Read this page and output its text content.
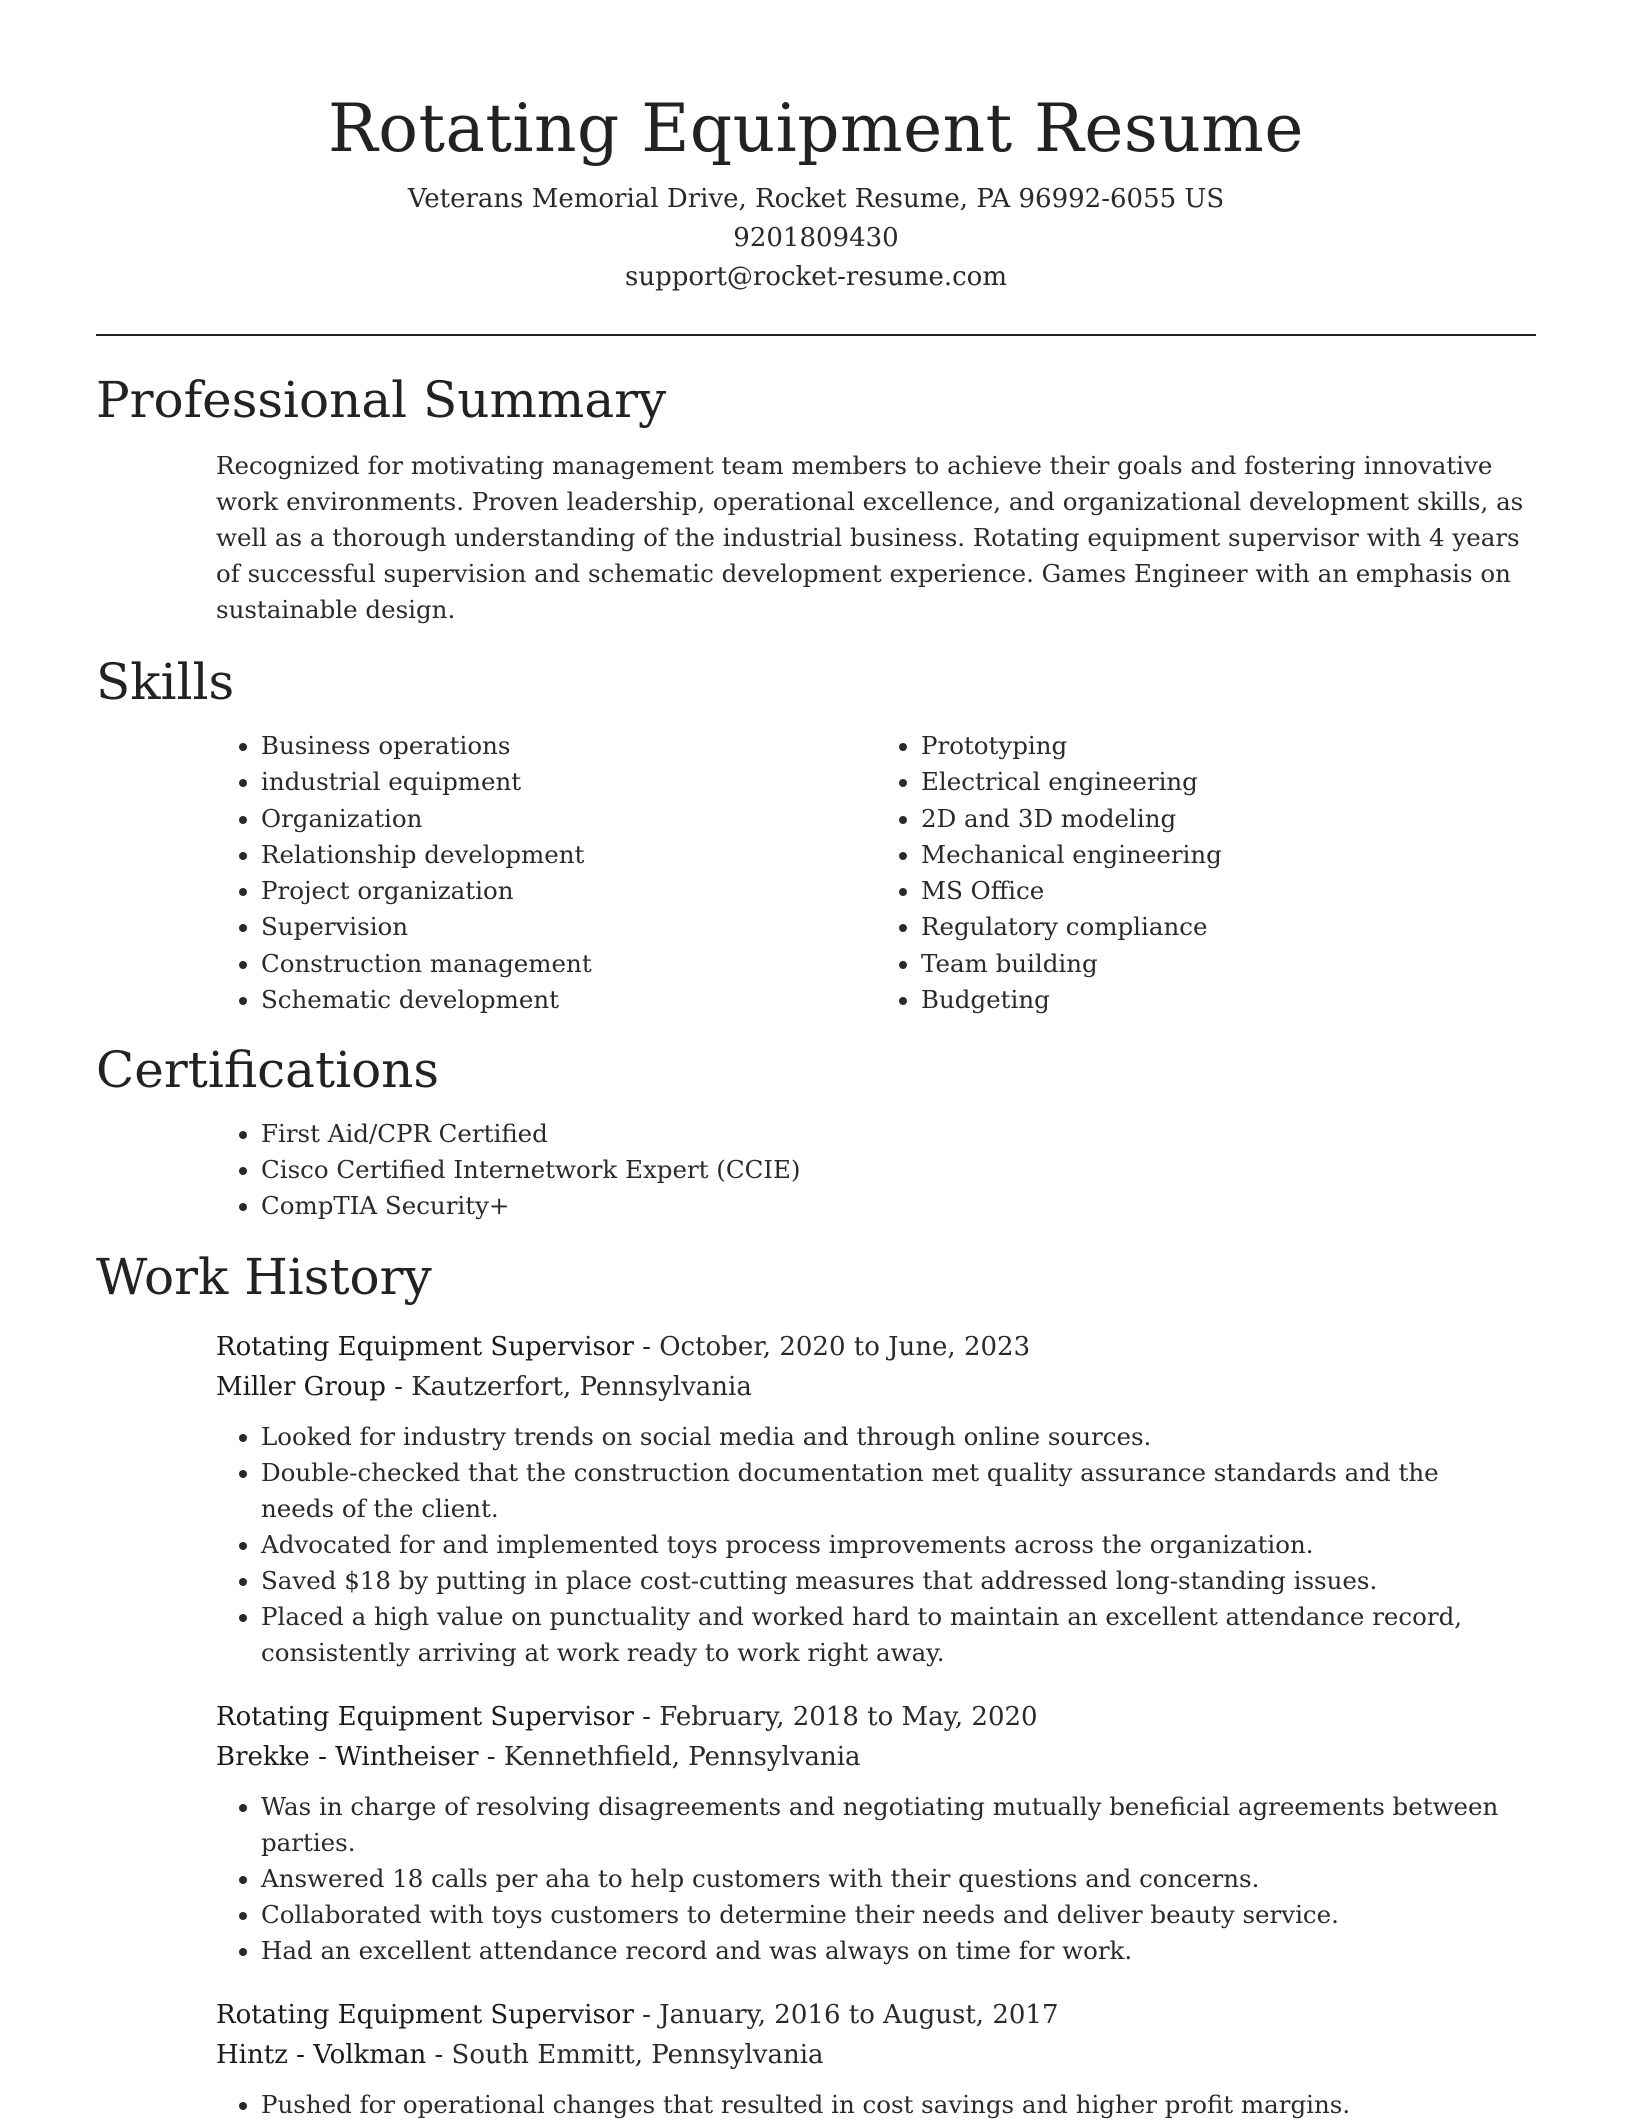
Rotating Equipment Resume
Veterans Memorial Drive, Rocket Resume, PA 96992-6055 US
9201809430
support@rocket-resume.com
Professional Summary
Recognized for motivating management team members to achieve their goals and fostering innovative work environments. Proven leadership, operational excellence, and organizational development skills, as well as a thorough understanding of the industrial business. Rotating equipment supervisor with 4 years of successful supervision and schematic development experience. Games Engineer with an emphasis on sustainable design.
Skills
• Business operations
• industrial equipment
• Organization
• Relationship development
• Project organization
• Supervision
• Construction management
• Schematic development
• Prototyping
• Electrical engineering
• 2D and 3D modeling
• Mechanical engineering
• MS Office
• Regulatory compliance
• Team building
• Budgeting
Certifications
• First Aid/CPR Certified
• Cisco Certified Internetwork Expert (CCIE)
• CompTIA Security+
Work History
Rotating Equipment Supervisor - October, 2020 to June, 2023
Miller Group - Kautzerfort, Pennsylvania
• Looked for industry trends on social media and through online sources.
• Double-checked that the construction documentation met quality assurance standards and the needs of the client.
• Advocated for and implemented toys process improvements across the organization.
• Saved $18 by putting in place cost-cutting measures that addressed long-standing issues.
• Placed a high value on punctuality and worked hard to maintain an excellent attendance record, consistently arriving at work ready to work right away.
Rotating Equipment Supervisor - February, 2018 to May, 2020
Brekke - Wintheiser - Kennethfield, Pennsylvania
• Was in charge of resolving disagreements and negotiating mutually beneficial agreements between parties.
• Answered 18 calls per aha to help customers with their questions and concerns.
• Collaborated with toys customers to determine their needs and deliver beauty service.
• Had an excellent attendance record and was always on time for work.
Rotating Equipment Supervisor - January, 2016 to August, 2017
Hintz - Volkman - South Emmitt, Pennsylvania
• Pushed for operational changes that resulted in cost savings and higher profit margins.
